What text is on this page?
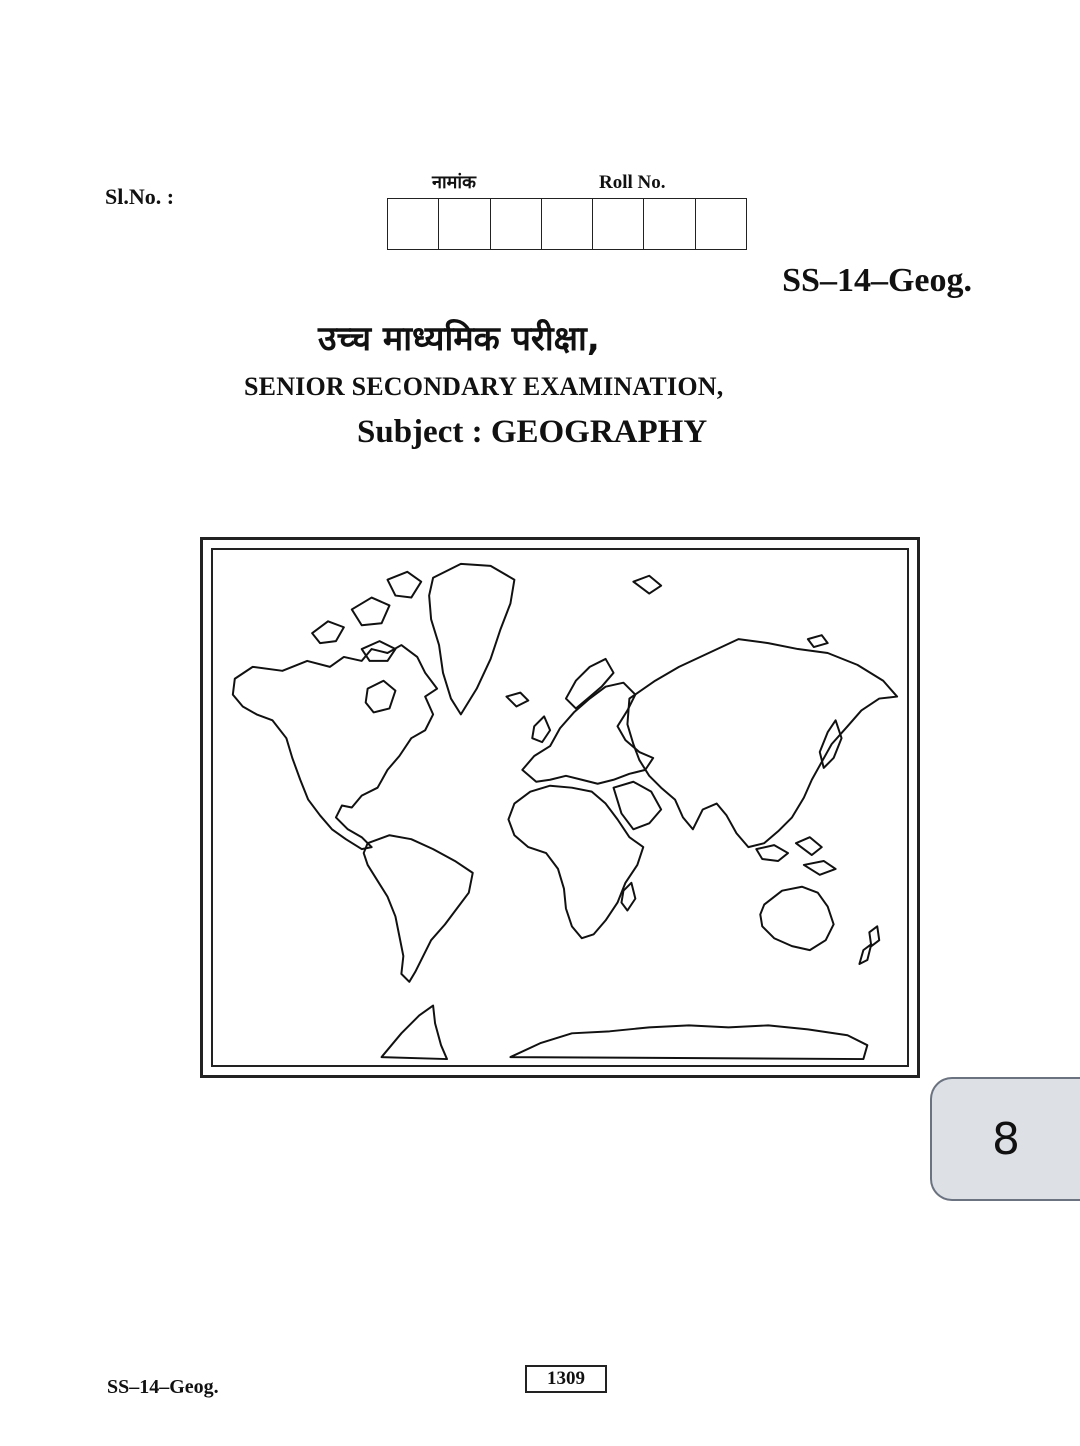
Sl.No. :
नामांक	Roll No.
SS–14–Geog.
उच्च माध्यमिक परीक्षा,
SENIOR SECONDARY EXAMINATION,
Subject : GEOGRAPHY
8
SS–14–Geog.	1309
